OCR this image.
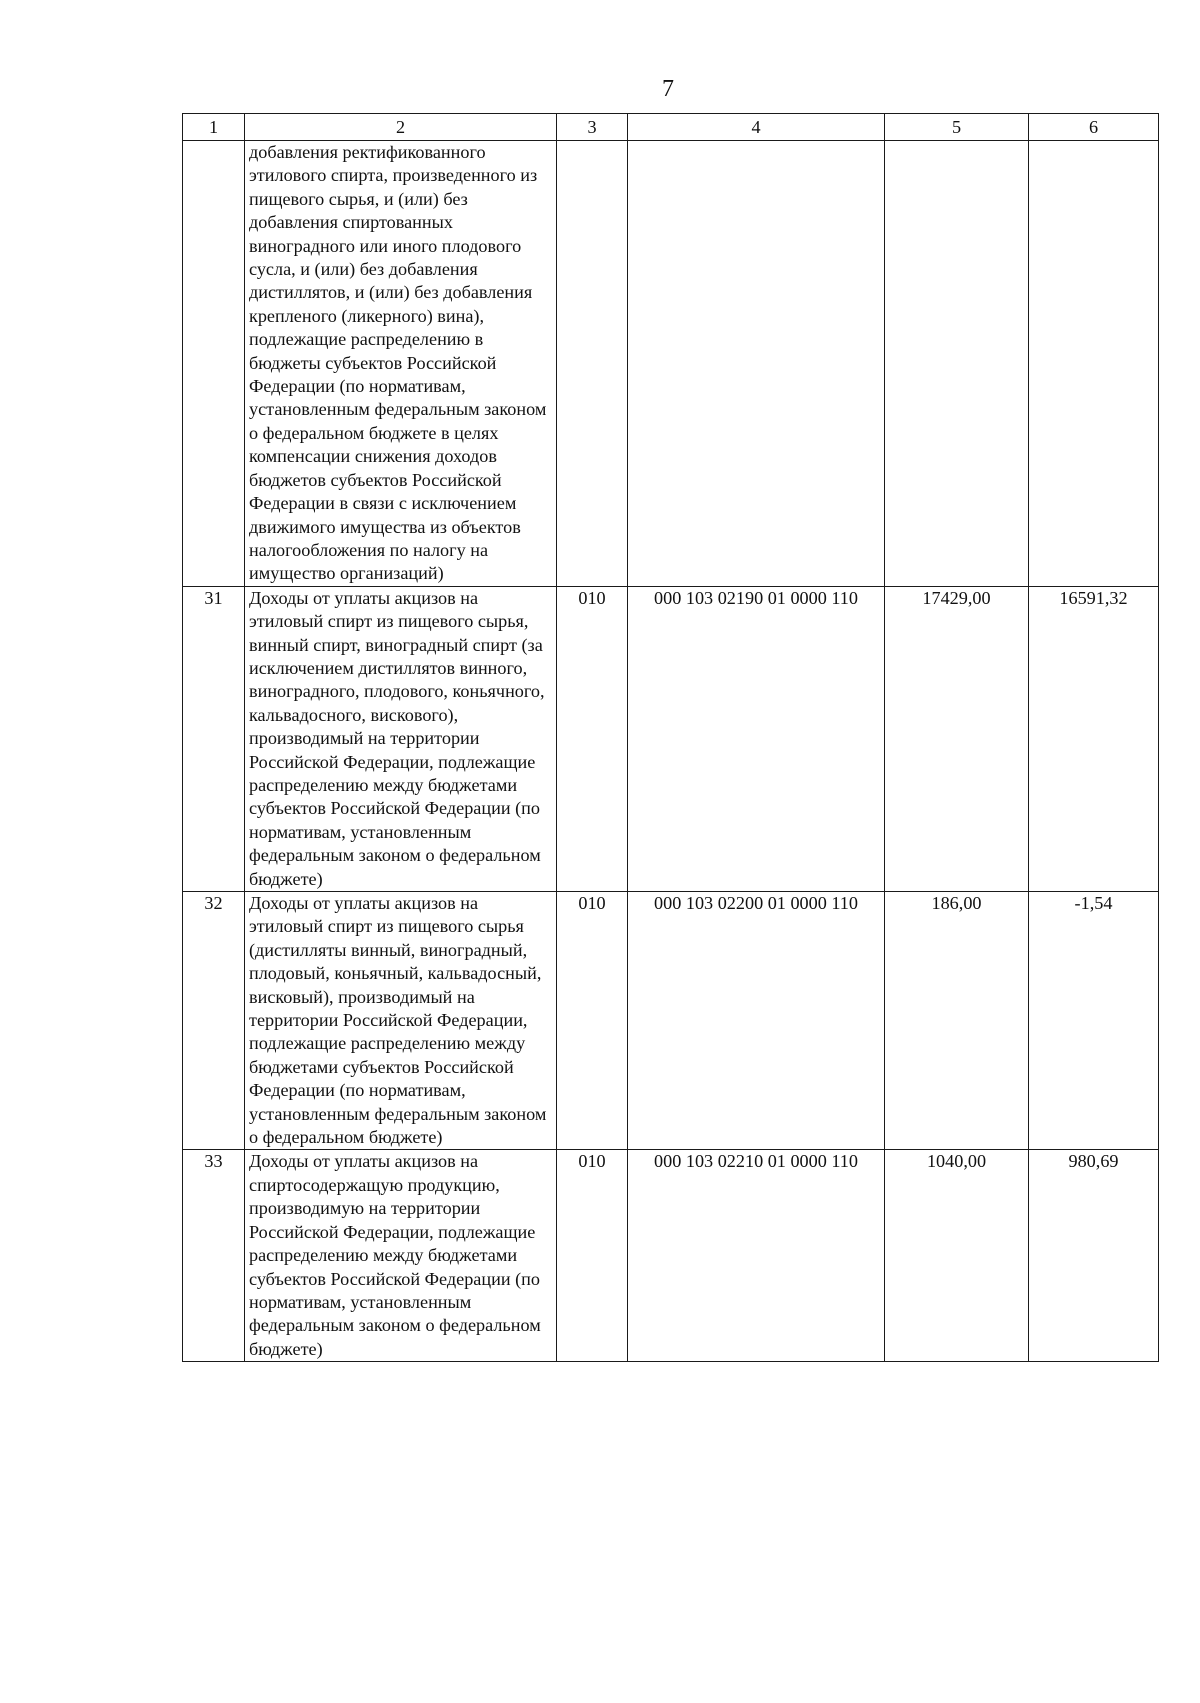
7
1	2	3	4	5	6
	добавления ректификованного этилового спирта, произведенного из пищевого сырья, и (или) без добавления спиртованных виноградного или иного плодового сусла, и (или) без добавления дистиллятов, и (или) без добавления крепленого (ликерного) вина), подлежащие распределению в бюджеты субъектов Российской Федерации (по нормативам, установленным федеральным законом о федеральном бюджете в целях компенсации снижения доходов бюджетов субъектов Российской Федерации в связи с исключением движимого имущества из объектов налогообложения по налогу на имущество организаций)				
31	Доходы от уплаты акцизов на этиловый спирт из пищевого сырья, винный спирт, виноградный спирт (за исключением дистиллятов винного, виноградного, плодового, коньячного, кальвадосного, вискового), производимый на территории Российской Федерации, подлежащие распределению между бюджетами субъектов Российской Федерации (по нормативам, установленным федеральным законом о федеральном бюджете)	010	000 103 02190 01 0000 110	17429,00	16591,32
32	Доходы от уплаты акцизов на этиловый спирт из пищевого сырья (дистилляты винный, виноградный, плодовый, коньячный, кальвадосный, висковый), производимый на территории Российской Федерации, подлежащие распределению между бюджетами субъектов Российской Федерации (по нормативам, установленным федеральным законом о федеральном бюджете)	010	000 103 02200 01 0000 110	186,00	-1,54
33	Доходы от уплаты акцизов на спиртосодержащую продукцию, производимую на территории Российской Федерации, подлежащие распределению между бюджетами субъектов Российской Федерации (по нормативам, установленным федеральным законом о федеральном бюджете)	010	000 103 02210 01 0000 110	1040,00	980,69
